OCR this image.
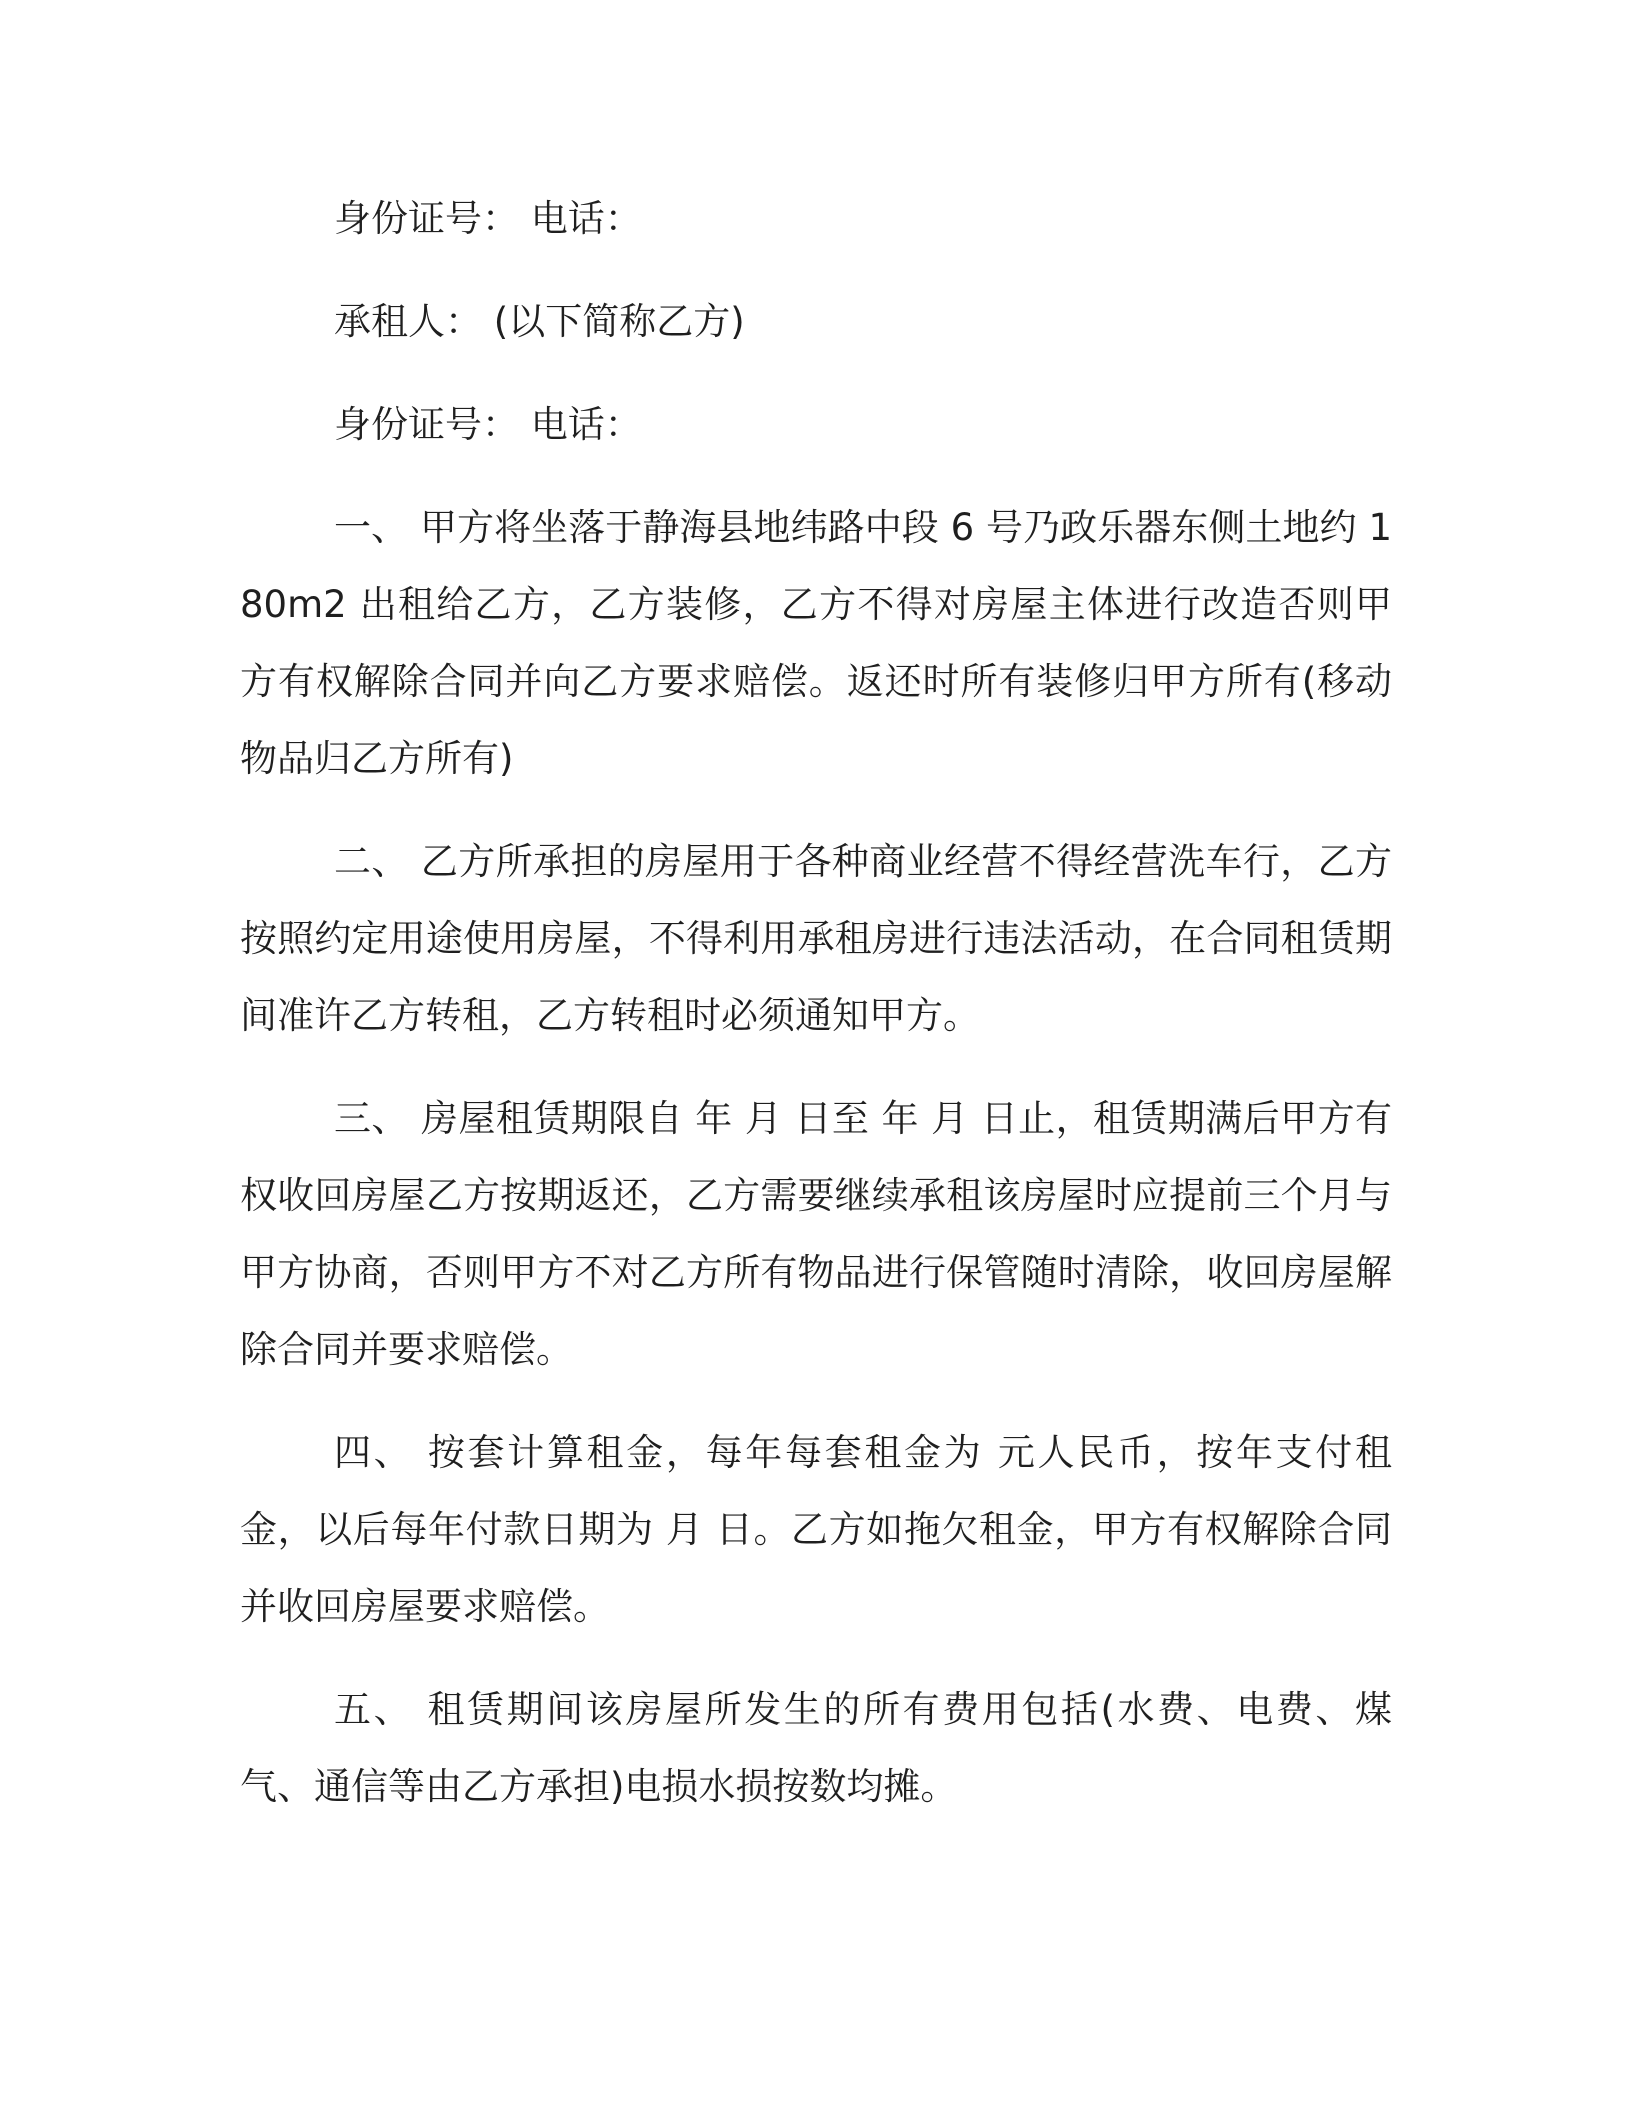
身份证号： 电话：

承租人： (以下简称乙方)

身份证号： 电话：

一、 甲方将坐落于静海县地纬路中段 6 号乃政乐器东侧土地约 180m2 出租给乙方，乙方装修，乙方不得对房屋主体进行改造否则甲方有权解除合同并向乙方要求赔偿。返还时所有装修归甲方所有(移动物品归乙方所有)

二、 乙方所承担的房屋用于各种商业经营不得经营洗车行，乙方按照约定用途使用房屋，不得利用承租房进行违法活动，在合同租赁期间准许乙方转租，乙方转租时必须通知甲方。

三、 房屋租赁期限自 年 月 日至 年 月 日止，租赁期满后甲方有权收回房屋乙方按期返还，乙方需要继续承租该房屋时应提前三个月与甲方协商，否则甲方不对乙方所有物品进行保管随时清除，收回房屋解除合同并要求赔偿。

四、 按套计算租金，每年每套租金为 元人民币，按年支付租金，以后每年付款日期为 月 日。乙方如拖欠租金，甲方有权解除合同并收回房屋要求赔偿。

五、 租赁期间该房屋所发生的所有费用包括(水费、电费、煤气、通信等由乙方承担)电损水损按数均摊。
